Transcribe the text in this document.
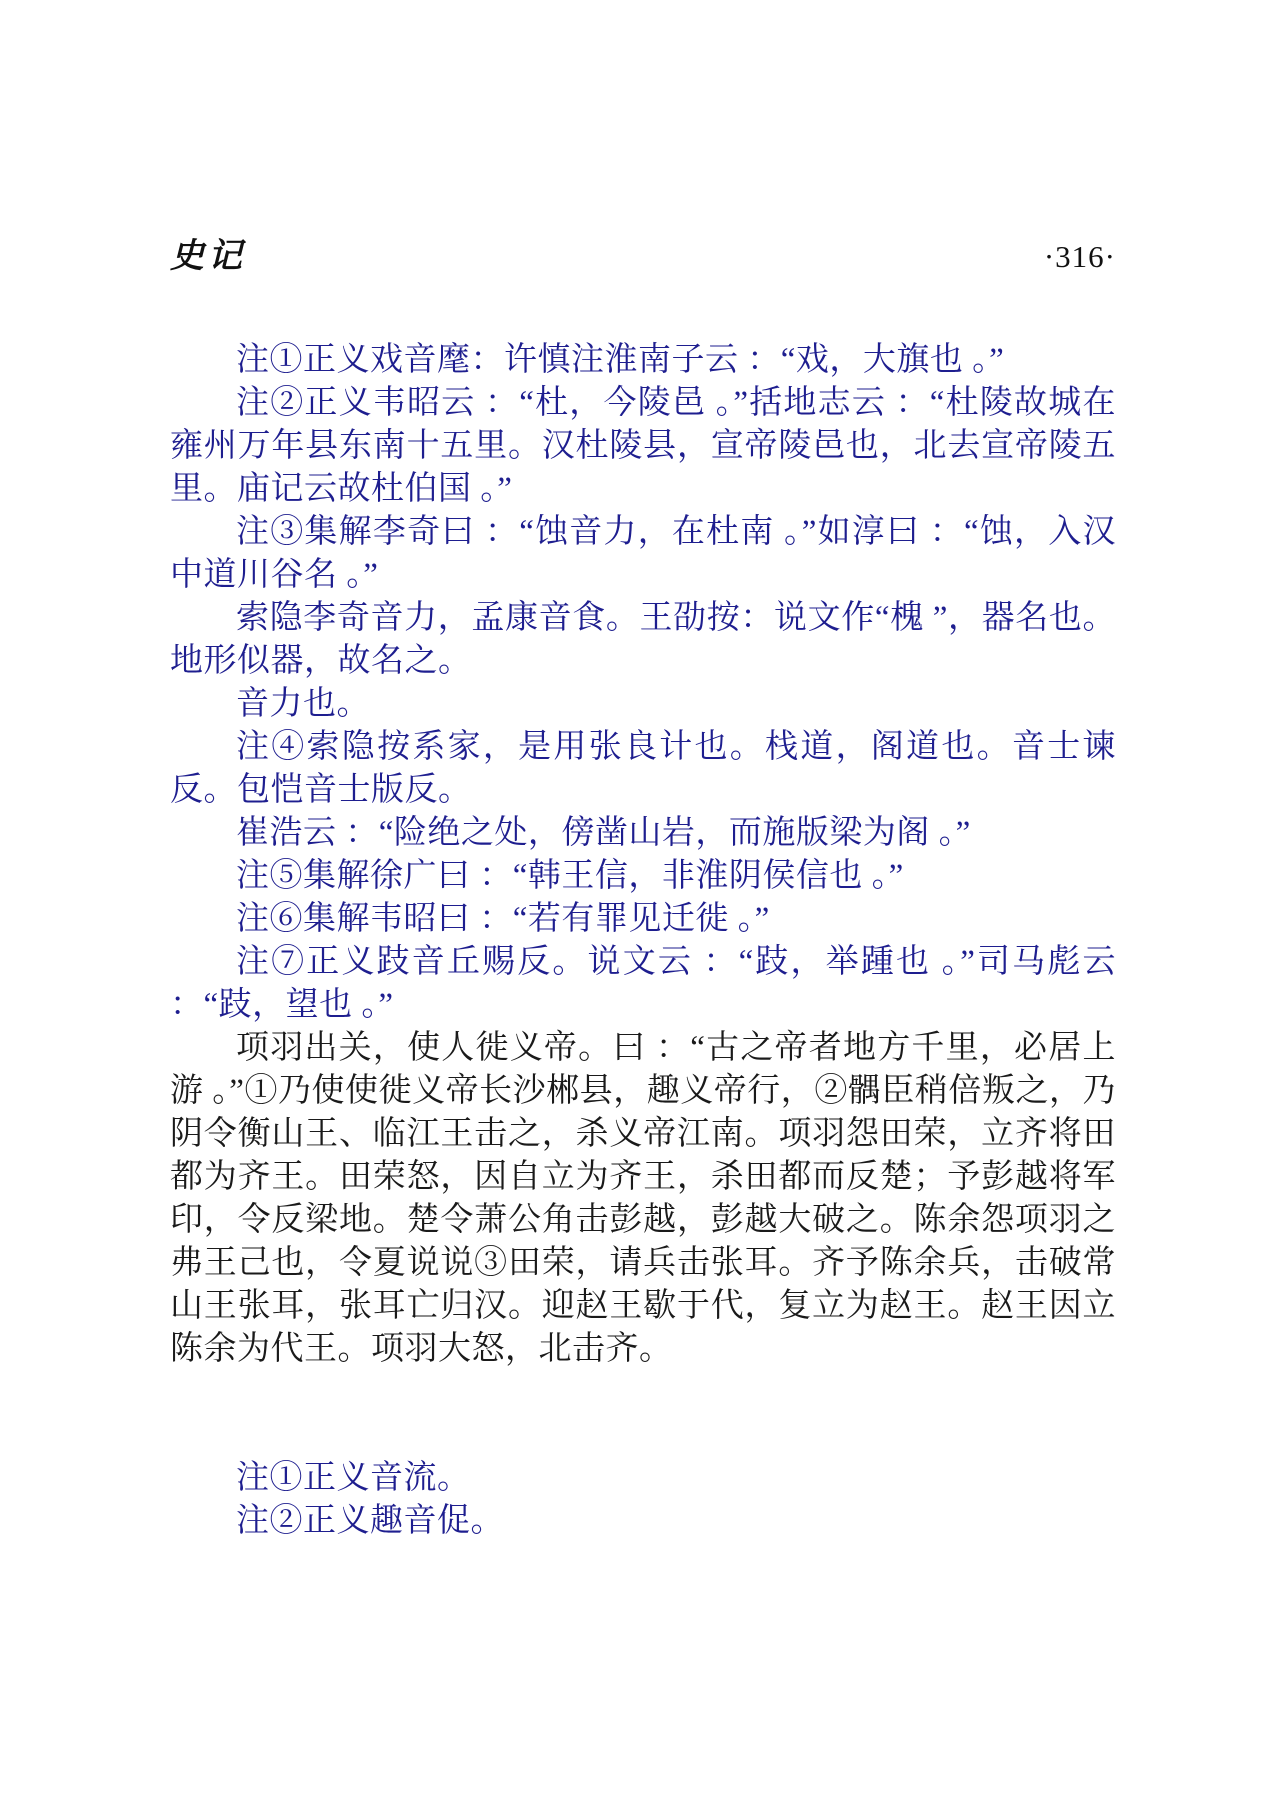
史记	·316·

注①正义戏音麾：许慎注淮南子云 ：“戏，大旗也 。”

注②正义韦昭云 ：“杜，今陵邑 。”括地志云 ：“杜陵故城在雍州万年县东南十五里。汉杜陵县，宣帝陵邑也，北去宣帝陵五里。庙记云故杜伯国 。”

注③集解李奇曰 ：“蚀音力，在杜南 。”如淳曰 ：“蚀，入汉中道川谷名 。”

索隐李奇音力，孟康音食。王劭按：说文作“槐 ”，器名也。地形似器，故名之。

音力也。

注④索隐按系家，是用张良计也。栈道，阁道也。音士谏反。包恺音士版反。

崔浩云 ：“险绝之处，傍凿山岩，而施版梁为阁 。”

注⑤集解徐广曰 ：“韩王信，非淮阴侯信也 。”

注⑥集解韦昭曰 ：“若有罪见迁徙 。”

注⑦正义跂音丘赐反。说文云 ：“跂，举踵也 。”司马彪云 ：“跂，望也 。”

项羽出关，使人徙义帝。曰 ：“古之帝者地方千里，必居上游 。”①乃使使徙义帝长沙郴县，趣义帝行，②髃臣稍倍叛之，乃阴令衡山王、临江王击之，杀义帝江南。项羽怨田荣，立齐将田都为齐王。田荣怒，因自立为齐王，杀田都而反楚；予彭越将军印，令反梁地。楚令萧公角击彭越，彭越大破之。陈余怨项羽之弗王己也，令夏说说③田荣，请兵击张耳。齐予陈余兵，击破常山王张耳，张耳亡归汉。迎赵王歇于代，复立为赵王。赵王因立陈余为代王。项羽大怒，北击齐。

注①正义音流。

注②正义趣音促。
